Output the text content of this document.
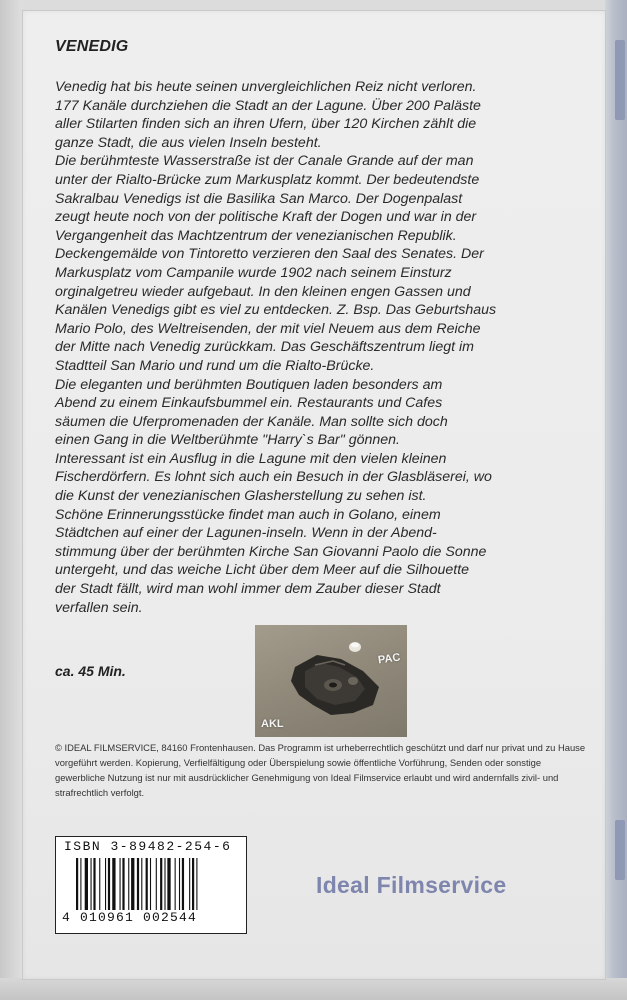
VENEDIG
Venedig hat bis heute seinen unvergleichlichen Reiz nicht verloren.
177 Kanäle durchziehen die Stadt an der Lagune. Über 200 Paläste
aller Stilarten finden sich an ihren Ufern, über 120 Kirchen zählt die
ganze Stadt, die aus vielen Inseln besteht.
Die berühmteste Wasserstraße ist der Canale Grande auf der man
unter der Rialto-Brücke zum Markusplatz kommt. Der bedeutendste
Sakralbau Venedigs ist die Basilika San Marco. Der Dogenpalast
zeugt heute noch von der politische Kraft der Dogen und war in der
Vergangenheit das Machtzentrum der venezianischen Republik.
Deckengemälde von Tintoretto verzieren den Saal des Senates. Der
Markusplatz vom Campanile wurde 1902 nach seinem Einsturz
orginalgetreu wieder aufgebaut. In den kleinen engen Gassen und
Kanälen Venedigs gibt es viel zu entdecken. Z. Bsp. Das Geburtshaus
Mario Polo, des Weltreisenden, der mit viel Neuem aus dem Reiche
der Mitte nach Venedig zurückkam. Das Geschäftszentrum liegt im
Stadtteil San Mario und rund um die Rialto-Brücke.
Die eleganten und berühmten Boutiquen laden besonders am
Abend zu einem Einkaufsbummel ein. Restaurants und Cafes
säumen die Uferpromenaden der Kanäle. Man sollte sich doch
einen Gang in die Weltberühmte "Harry`s Bar" gönnen.
Interessant ist ein Ausflug in die Lagune mit den vielen kleinen
Fischerdörfern. Es lohnt sich auch ein Besuch in der Glasbläserei, wo
die Kunst der venezianischen Glasherstellung zu sehen ist.
Schöne Erinnerungsstücke findet man auch in Golano, einem
Städtchen auf einer der Lagunen-inseln. Wenn in der Abend-
stimmung über der berühmten Kirche San Giovanni Paolo die Sonne
untergeht, und das weiche Licht über dem Meer auf die Silhouette
der Stadt fällt, wird man wohl immer dem Zauber dieser Stadt
verfallen sein.
ca. 45 Min.
PAC
AKL
© IDEAL FILMSERVICE, 84160 Frontenhausen. Das Programm ist urheberrechtlich geschützt und darf nur privat und zu Hause vorgeführt werden. Kopierung, Verfielfältigung oder Überspielung sowie öffentliche Vorführung, Senden oder sonstige gewerbliche Nutzung ist nur mit ausdrücklicher Genehmigung von Ideal Filmservice erlaubt und wird andernfalls zivil- und strafrechtlich verfolgt.
ISBN 3-89482-254-6
4 010961 002544
Ideal Filmservice
